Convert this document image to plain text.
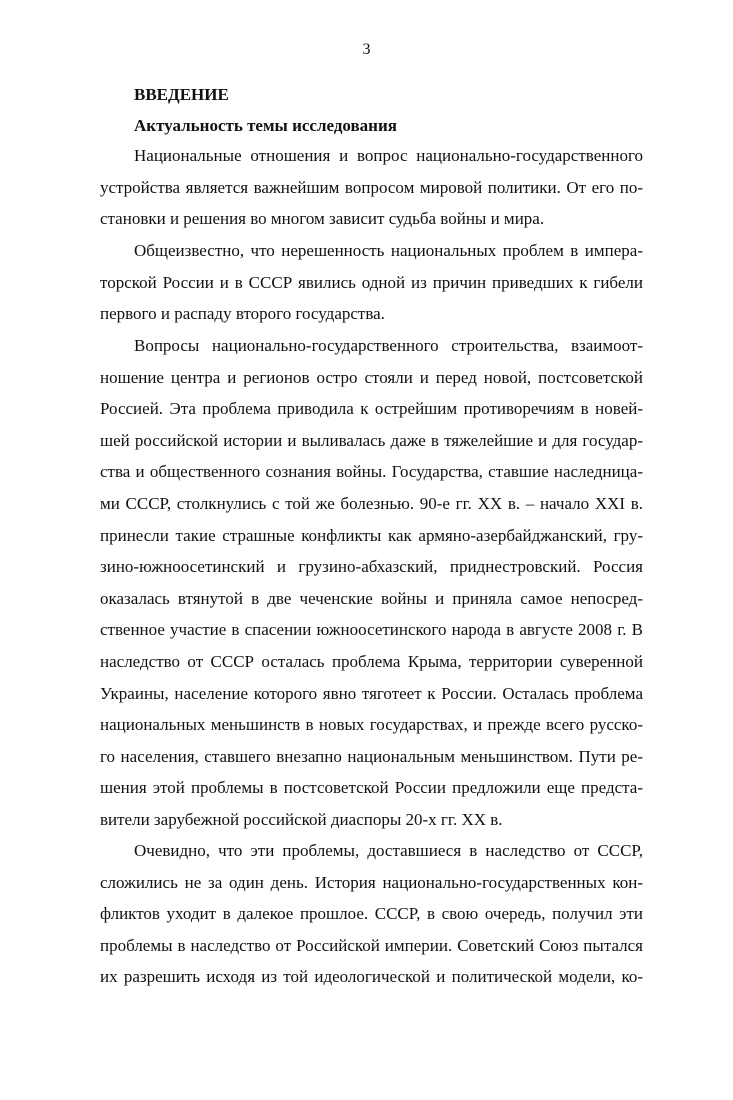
3
ВВЕДЕНИЕ
Актуальность темы исследования
Национальные отношения и вопрос национально-государственного
устройства является важнейшим вопросом мировой политики. От его по-
становки и решения во многом зависит судьба войны и мира.
Общеизвестно, что нерешенность национальных проблем в импера-
торской России и в СССР явились одной из причин приведших к гибели
первого и распаду второго государства.
Вопросы национально-государственного строительства, взаимоот-
ношение центра и регионов остро стояли и перед новой, постсоветской
Россией. Эта проблема приводила к острейшим противоречиям в новей-
шей российской истории и выливалась даже в тяжелейшие и для государ-
ства и общественного сознания войны. Государства, ставшие наследница-
ми СССР, столкнулись с той же болезнью. 90-е гг. XX в. – начало XXI в.
принесли такие страшные конфликты как армяно-азербайджанский, гру-
зино-южноосетинский и грузино-абхазский, приднестровский. Россия
оказалась втянутой в две чеченские войны и приняла самое непосред-
ственное участие в спасении южноосетинского народа в августе 2008 г. В
наследство от СССР осталась проблема Крыма, территории суверенной
Украины, население которого явно тяготеет к России. Осталась проблема
национальных меньшинств в новых государствах, и прежде всего русско-
го населения, ставшего внезапно национальным меньшинством. Пути ре-
шения этой проблемы в постсоветской России предложили еще предста-
вители зарубежной российской диаспоры 20-х гг. XX в.
Очевидно, что эти проблемы, доставшиеся в наследство от СССР,
сложились не за один день. История национально-государственных кон-
фликтов уходит в далекое прошлое. СССР, в свою очередь, получил эти
проблемы в наследство от Российской империи. Советский Союз пытался
их разрешить исходя из той идеологической и политической модели, ко-
